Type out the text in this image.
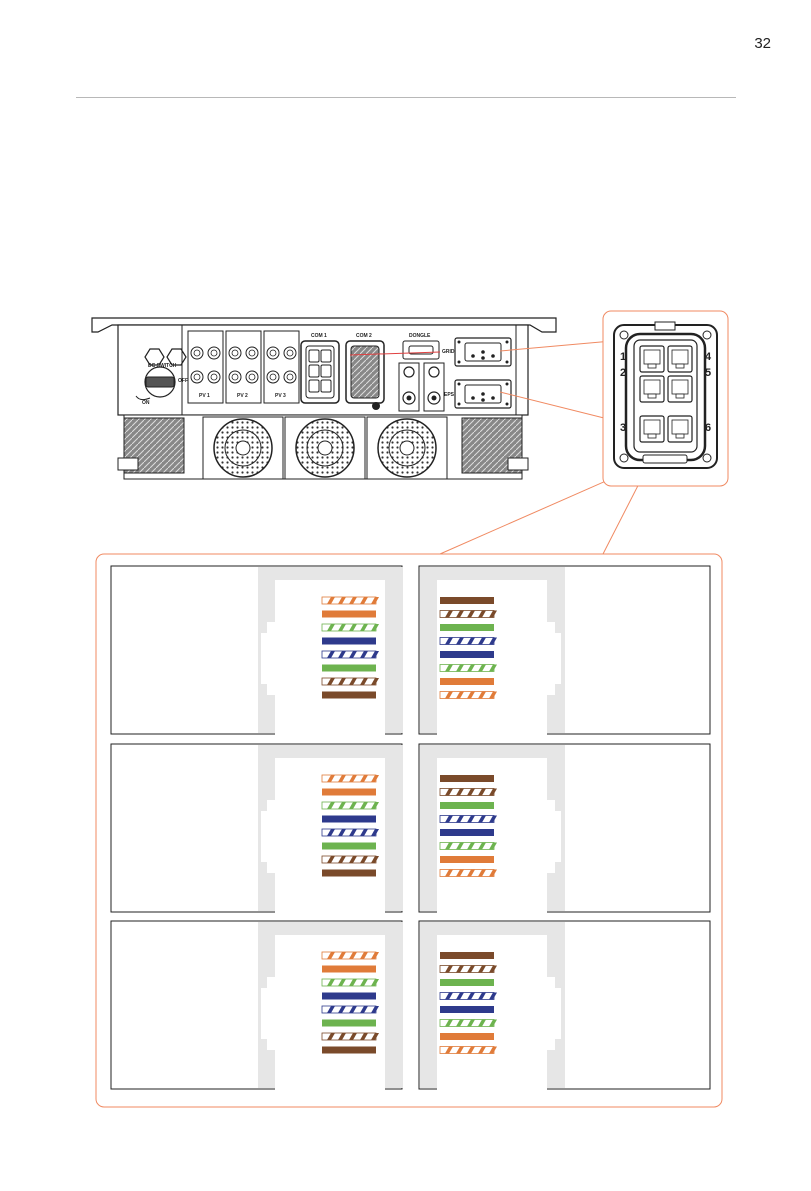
32
DC SWITCH
OFF
ON
PV 1	PV 2	PV 3
COM 1	COM 2	DONGLE
GRID
EPS
1
2
3
4
5
6
